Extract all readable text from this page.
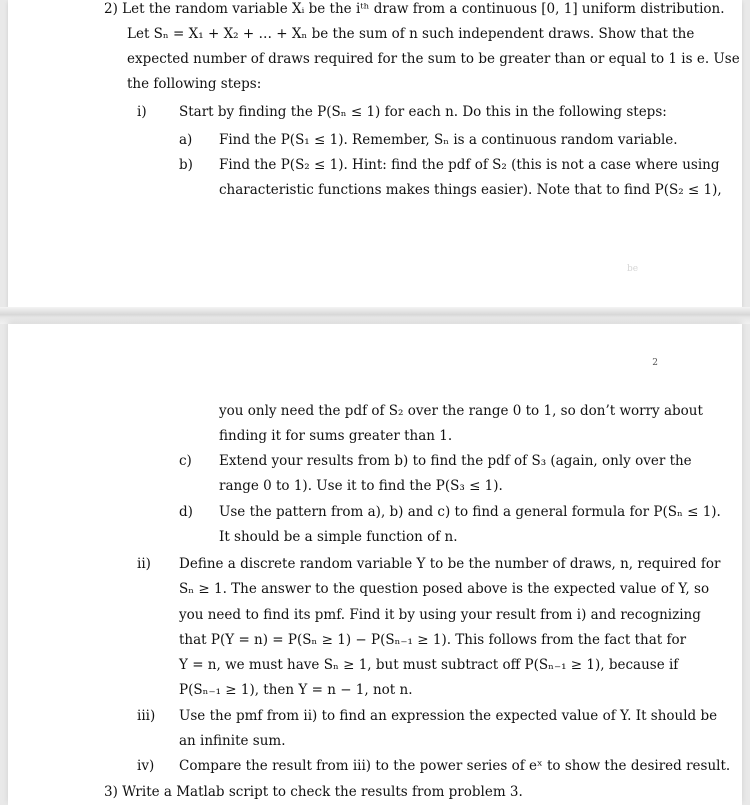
2) Let the random variable Xᵢ be the iᵗʰ draw from a continuous [0, 1] uniform distribution.
Let Sₙ = X₁ + X₂ + … + Xₙ be the sum of n such independent draws. Show that the
expected number of draws required for the sum to be greater than or equal to 1 is e. Use
the following steps:
i) Start by finding the P(Sₙ ≤ 1) for each n. Do this in the following steps:
a) Find the P(S₁ ≤ 1). Remember, Sₙ is a continuous random variable.
b) Find the P(S₂ ≤ 1). Hint: find the pdf of S₂ (this is not a case where using
characteristic functions makes things easier). Note that to find P(S₂ ≤ 1),
be
2
you only need the pdf of S₂ over the range 0 to 1, so don’t worry about
finding it for sums greater than 1.
c) Extend your results from b) to find the pdf of S₃ (again, only over the
range 0 to 1). Use it to find the P(S₃ ≤ 1).
d) Use the pattern from a), b) and c) to find a general formula for P(Sₙ ≤ 1).
It should be a simple function of n.
ii) Define a discrete random variable Y to be the number of draws, n, required for
Sₙ ≥ 1. The answer to the question posed above is the expected value of Y, so
you need to find its pmf. Find it by using your result from i) and recognizing
that P(Y = n) = P(Sₙ ≥ 1) − P(Sₙ₋₁ ≥ 1). This follows from the fact that for
Y = n, we must have Sₙ ≥ 1, but must subtract off P(Sₙ₋₁ ≥ 1), because if
P(Sₙ₋₁ ≥ 1), then Y = n − 1, not n.
iii) Use the pmf from ii) to find an expression the expected value of Y. It should be
an infinite sum.
iv) Compare the result from iii) to the power series of eˣ to show the desired result.
3) Write a Matlab script to check the results from problem 3.
